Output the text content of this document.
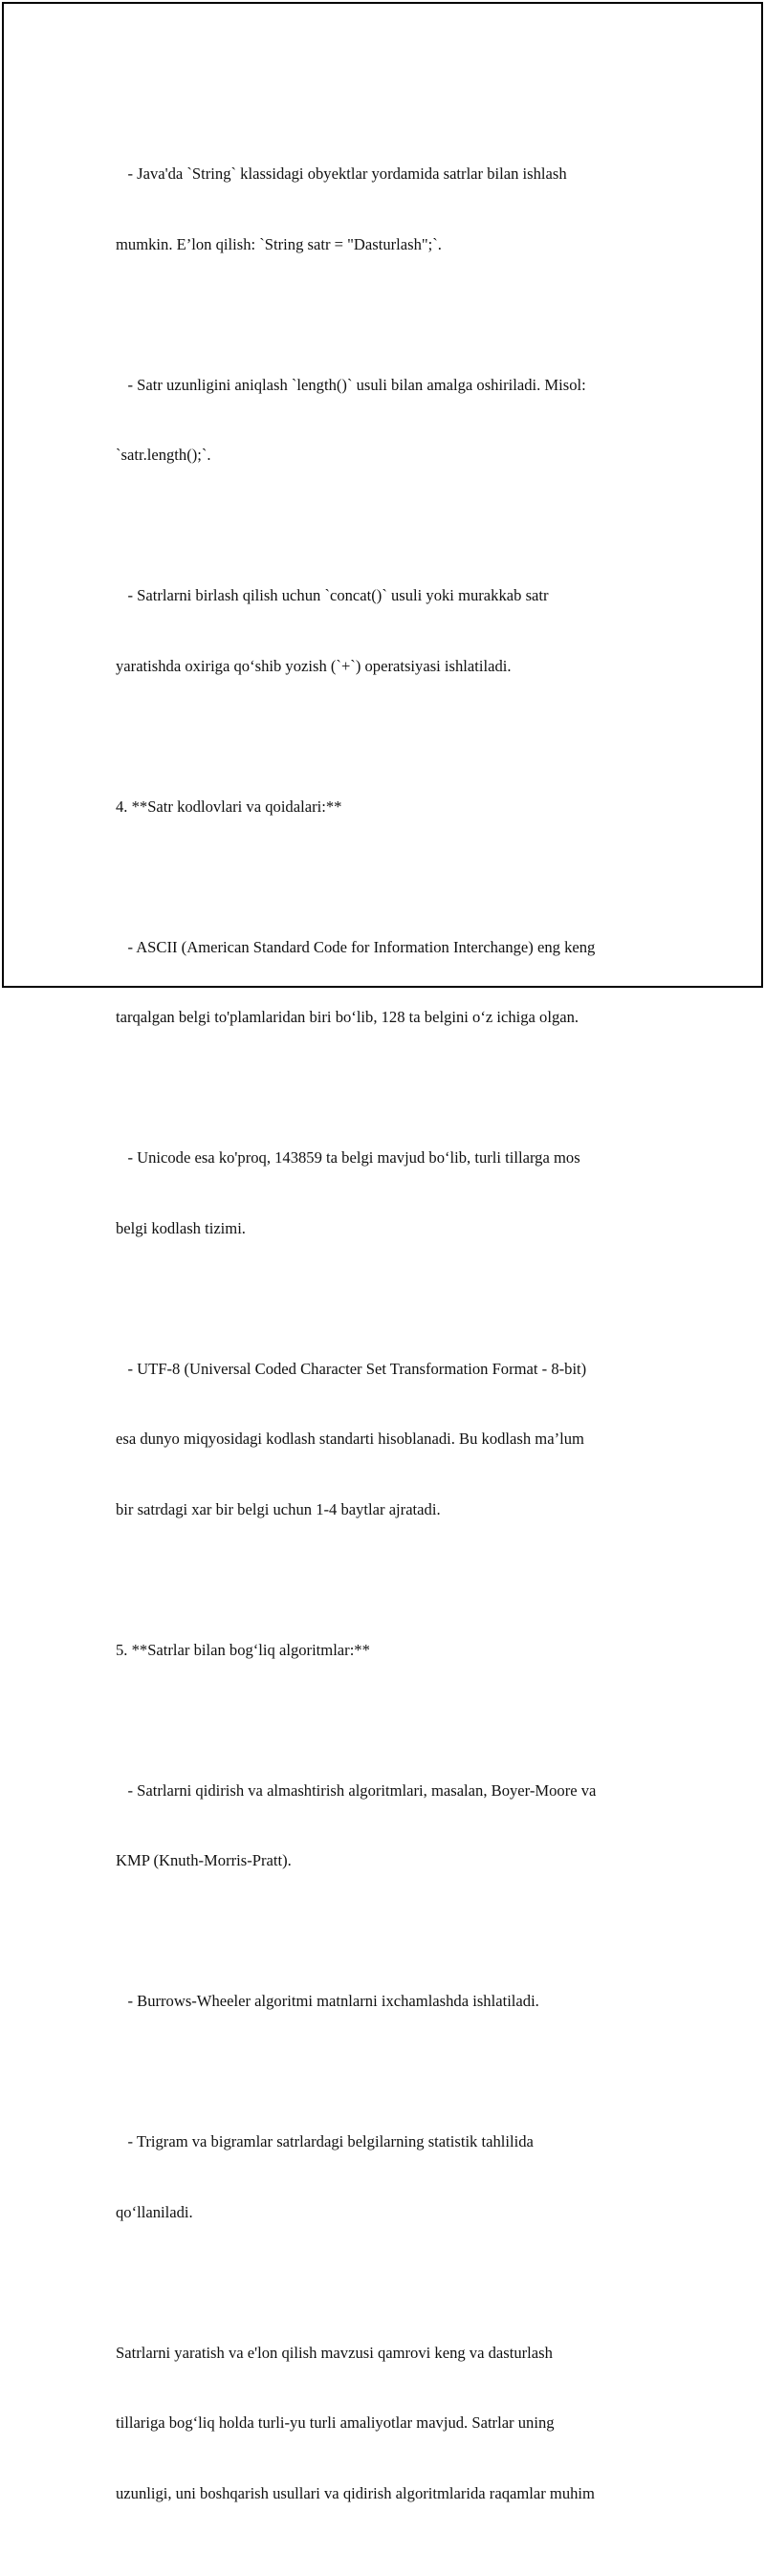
- Java'da `String` klassidagi obyektlar yordamida satrlar bilan ishlash

mumkin. E’lon qilish: `String satr = "Dasturlash";`.

- Satr uzunligini aniqlash `length()` usuli bilan amalga oshiriladi. Misol:

`satr.length();`.

- Satrlarni birlash qilish uchun `concat()` usuli yoki murakkab satr

yaratishda oxiriga qo‘shib yozish (`+`) operatsiyasi ishlatiladi.

4. **Satr kodlovlari va qoidalari:**

- ASCII (American Standard Code for Information Interchange) eng keng

tarqalgan belgi to'plamlaridan biri bo‘lib, 128 ta belgini o‘z ichiga olgan.

- Unicode esa ko'proq, 143859 ta belgi mavjud bo‘lib, turli tillarga mos

belgi kodlash tizimi.

- UTF-8 (Universal Coded Character Set Transformation Format - 8-bit)

esa dunyo miqyosidagi kodlash standarti hisoblanadi. Bu kodlash ma’lum

bir satrdagi xar bir belgi uchun 1-4 baytlar ajratadi.

5. **Satrlar bilan bog‘liq algoritmlar:**

- Satrlarni qidirish va almashtirish algoritmlari, masalan, Boyer-Moore va

KMP (Knuth-Morris-Pratt).

- Burrows-Wheeler algoritmi matnlarni ixchamlashda ishlatiladi.

- Trigram va bigramlar satrlardagi belgilarning statistik tahlilida

qo‘llaniladi.

Satrlarni yaratish va e'lon qilish mavzusi qamrovi keng va dasturlash

tillariga bog‘liq holda turli-yu turli amaliyotlar mavjud. Satrlar uning

uzunligi, uni boshqarish usullari va qidirish algoritmlarida raqamlar muhim
